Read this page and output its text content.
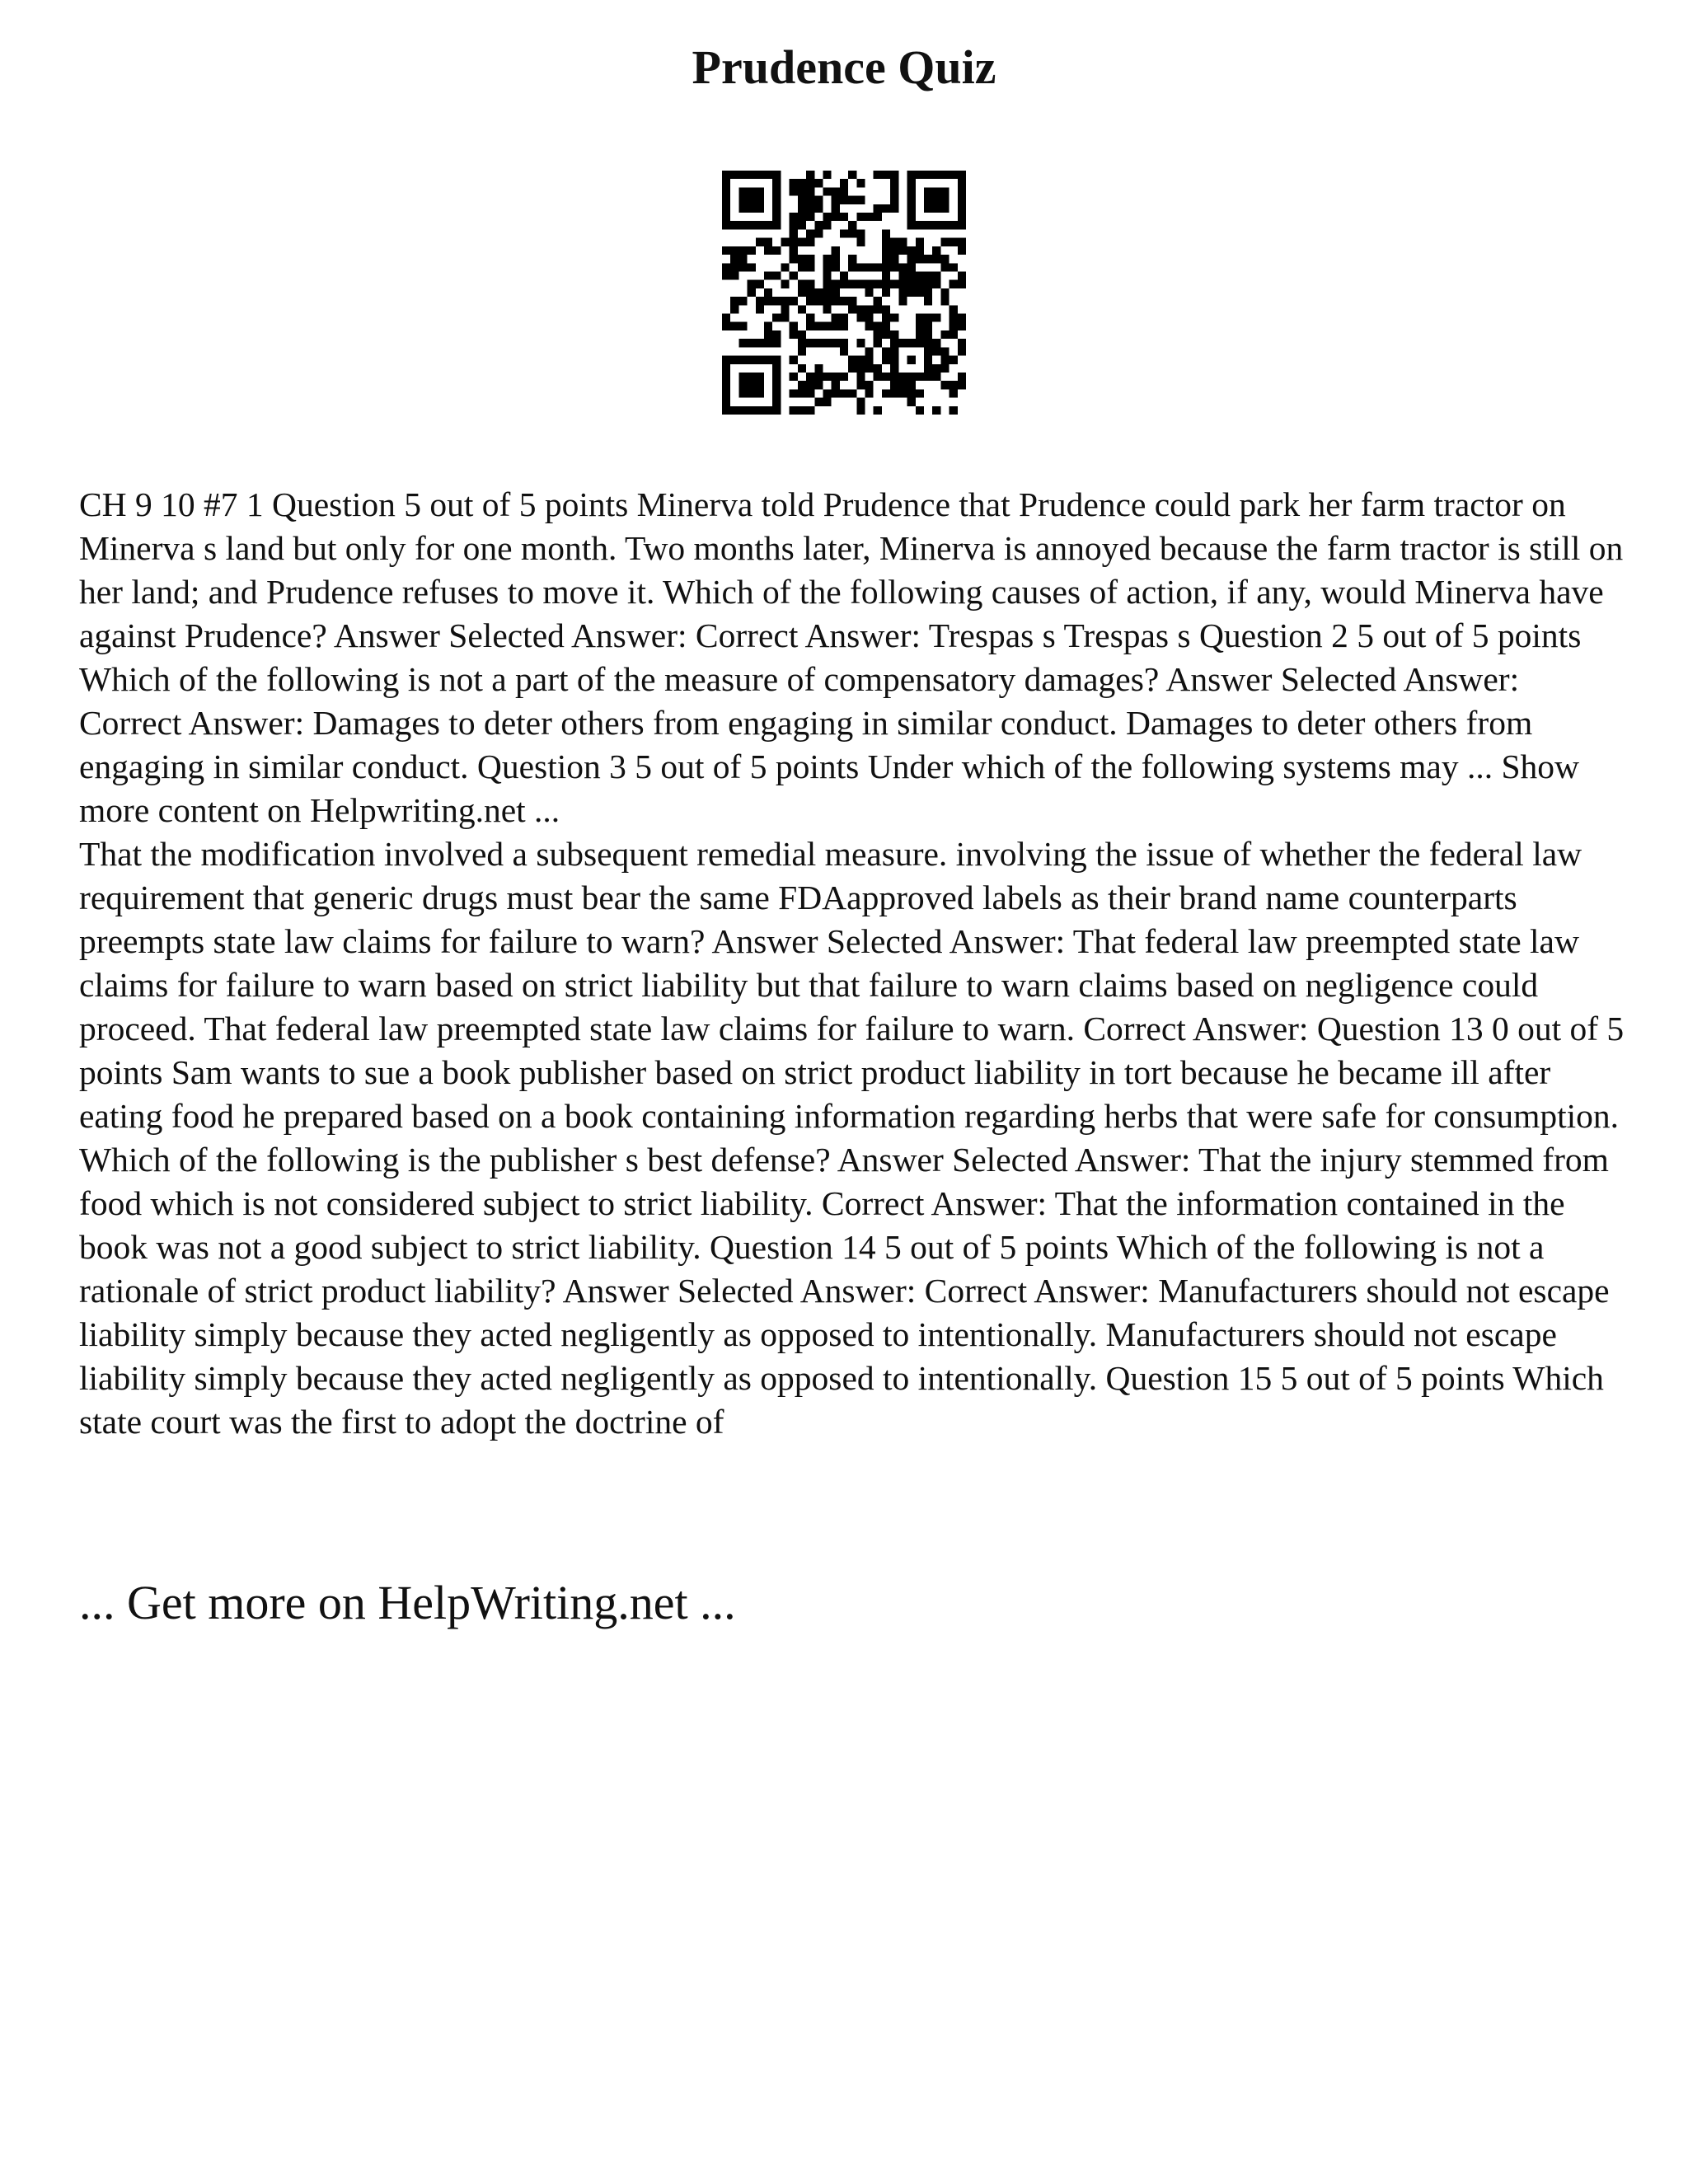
Prudence Quiz

CH 9 10 #7 1 Question 5 out of 5 points Minerva told Prudence that Prudence could park her farm tractor on Minerva s land but only for one month. Two months later, Minerva is annoyed because the farm tractor is still on her land; and Prudence refuses to move it. Which of the following causes of action, if any, would Minerva have against Prudence? Answer Selected Answer: Correct Answer: Trespas s Trespas s Question 2 5 out of 5 points Which of the following is not a part of the measure of compensatory damages? Answer Selected Answer: Correct Answer: Damages to deter others from engaging in similar conduct. Damages to deter others from engaging in similar conduct. Question 3 5 out of 5 points Under which of the following systems may ... Show more content on Helpwriting.net ...

That the modification involved a subsequent remedial measure. involving the issue of whether the federal law requirement that generic drugs must bear the same FDAapproved labels as their brand name counterparts preempts state law claims for failure to warn? Answer Selected Answer: That federal law preempted state law claims for failure to warn based on strict liability but that failure to warn claims based on negligence could proceed. That federal law preempted state law claims for failure to warn. Correct Answer: Question 13 0 out of 5 points Sam wants to sue a book publisher based on strict product liability in tort because he became ill after eating food he prepared based on a book containing information regarding herbs that were safe for consumption. Which of the following is the publisher s best defense? Answer Selected Answer: That the injury stemmed from food which is not considered subject to strict liability. Correct Answer: That the information contained in the book was not a good subject to strict liability. Question 14 5 out of 5 points Which of the following is not a rationale of strict product liability? Answer Selected Answer: Correct Answer: Manufacturers should not escape liability simply because they acted negligently as opposed to intentionally. Manufacturers should not escape liability simply because they acted negligently as opposed to intentionally. Question 15 5 out of 5 points Which state court was the first to adopt the doctrine of

... Get more on HelpWriting.net ...
